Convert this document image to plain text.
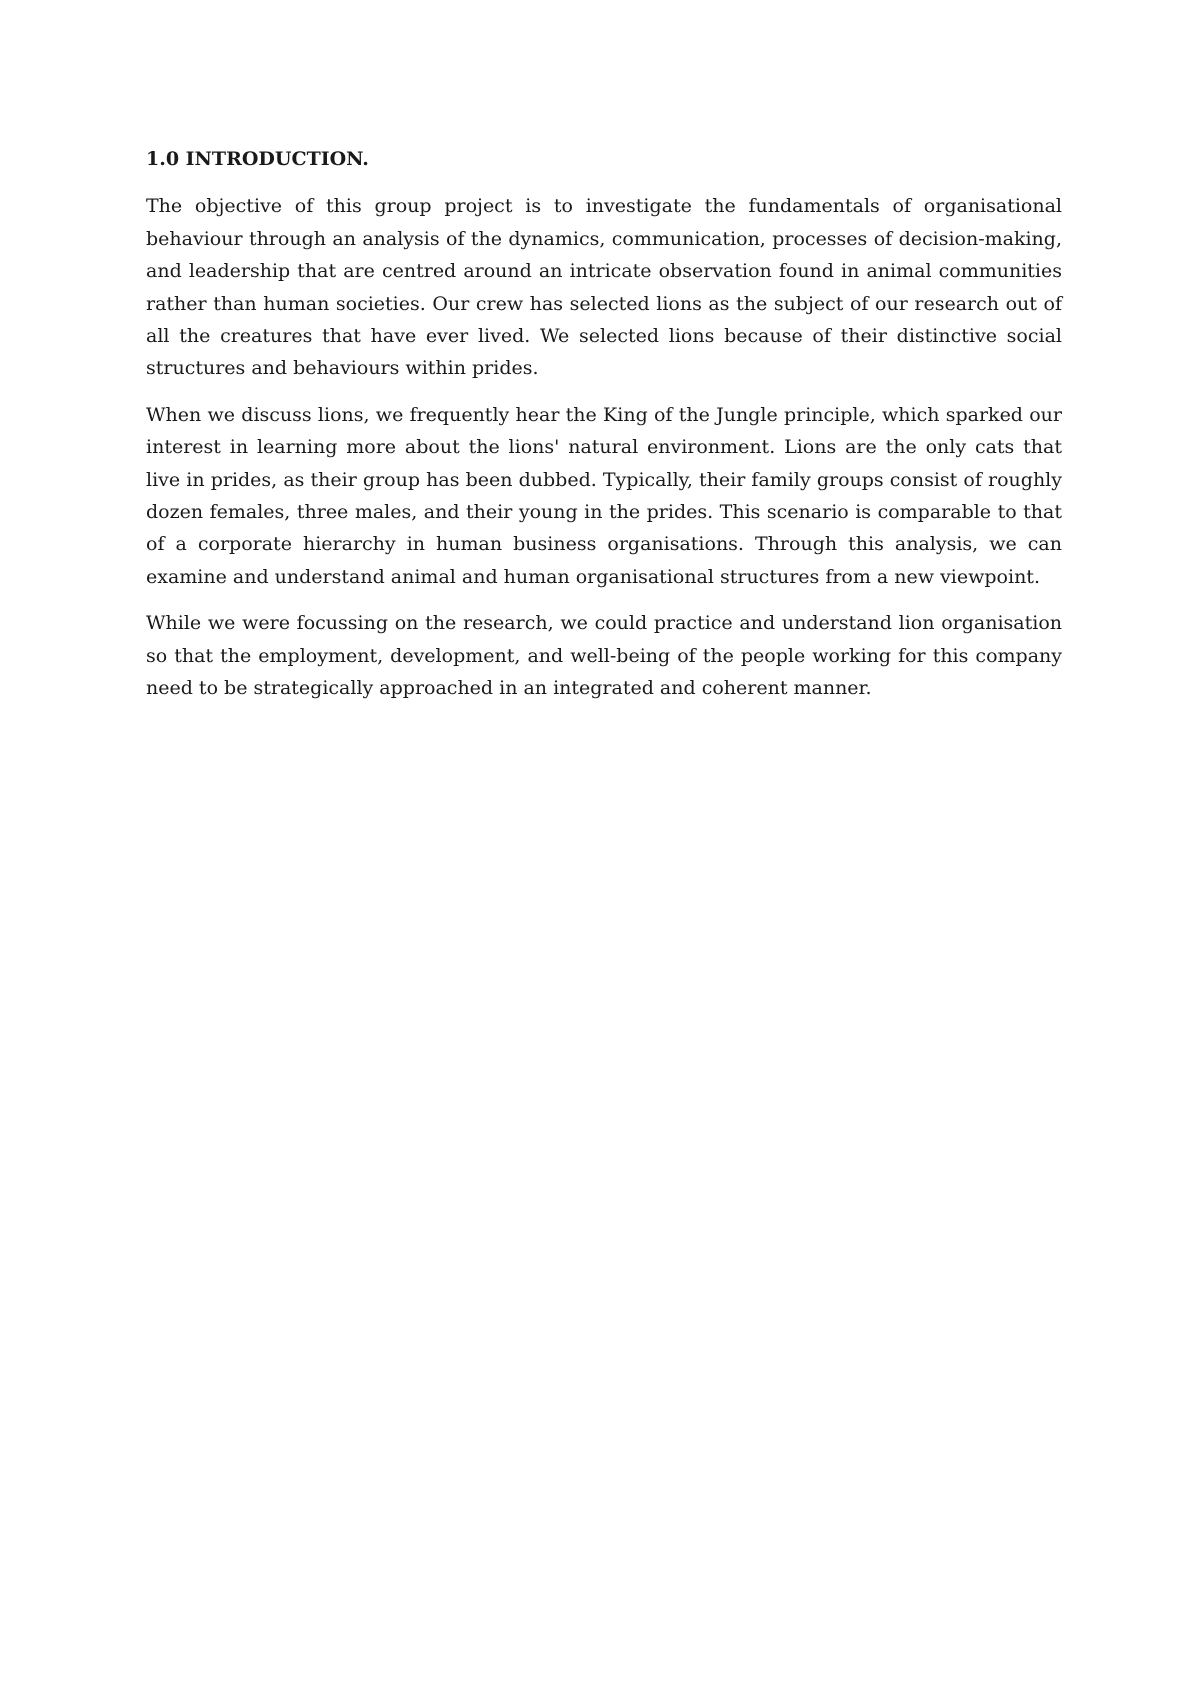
1.0 INTRODUCTION.

The objective of this group project is to investigate the fundamentals of organisational behaviour through an analysis of the dynamics, communication, processes of decision-making, and leadership that are centred around an intricate observation found in animal communities rather than human societies. Our crew has selected lions as the subject of our research out of all the creatures that have ever lived. We selected lions because of their distinctive social structures and behaviours within prides.

When we discuss lions, we frequently hear the King of the Jungle principle, which sparked our interest in learning more about the lions' natural environment. Lions are the only cats that live in prides, as their group has been dubbed. Typically, their family groups consist of roughly dozen females, three males, and their young in the prides. This scenario is comparable to that of a corporate hierarchy in human business organisations. Through this analysis, we can examine and understand animal and human organisational structures from a new viewpoint.

While we were focussing on the research, we could practice and understand lion organisation so that the employment, development, and well-being of the people working for this company need to be strategically approached in an integrated and coherent manner.
